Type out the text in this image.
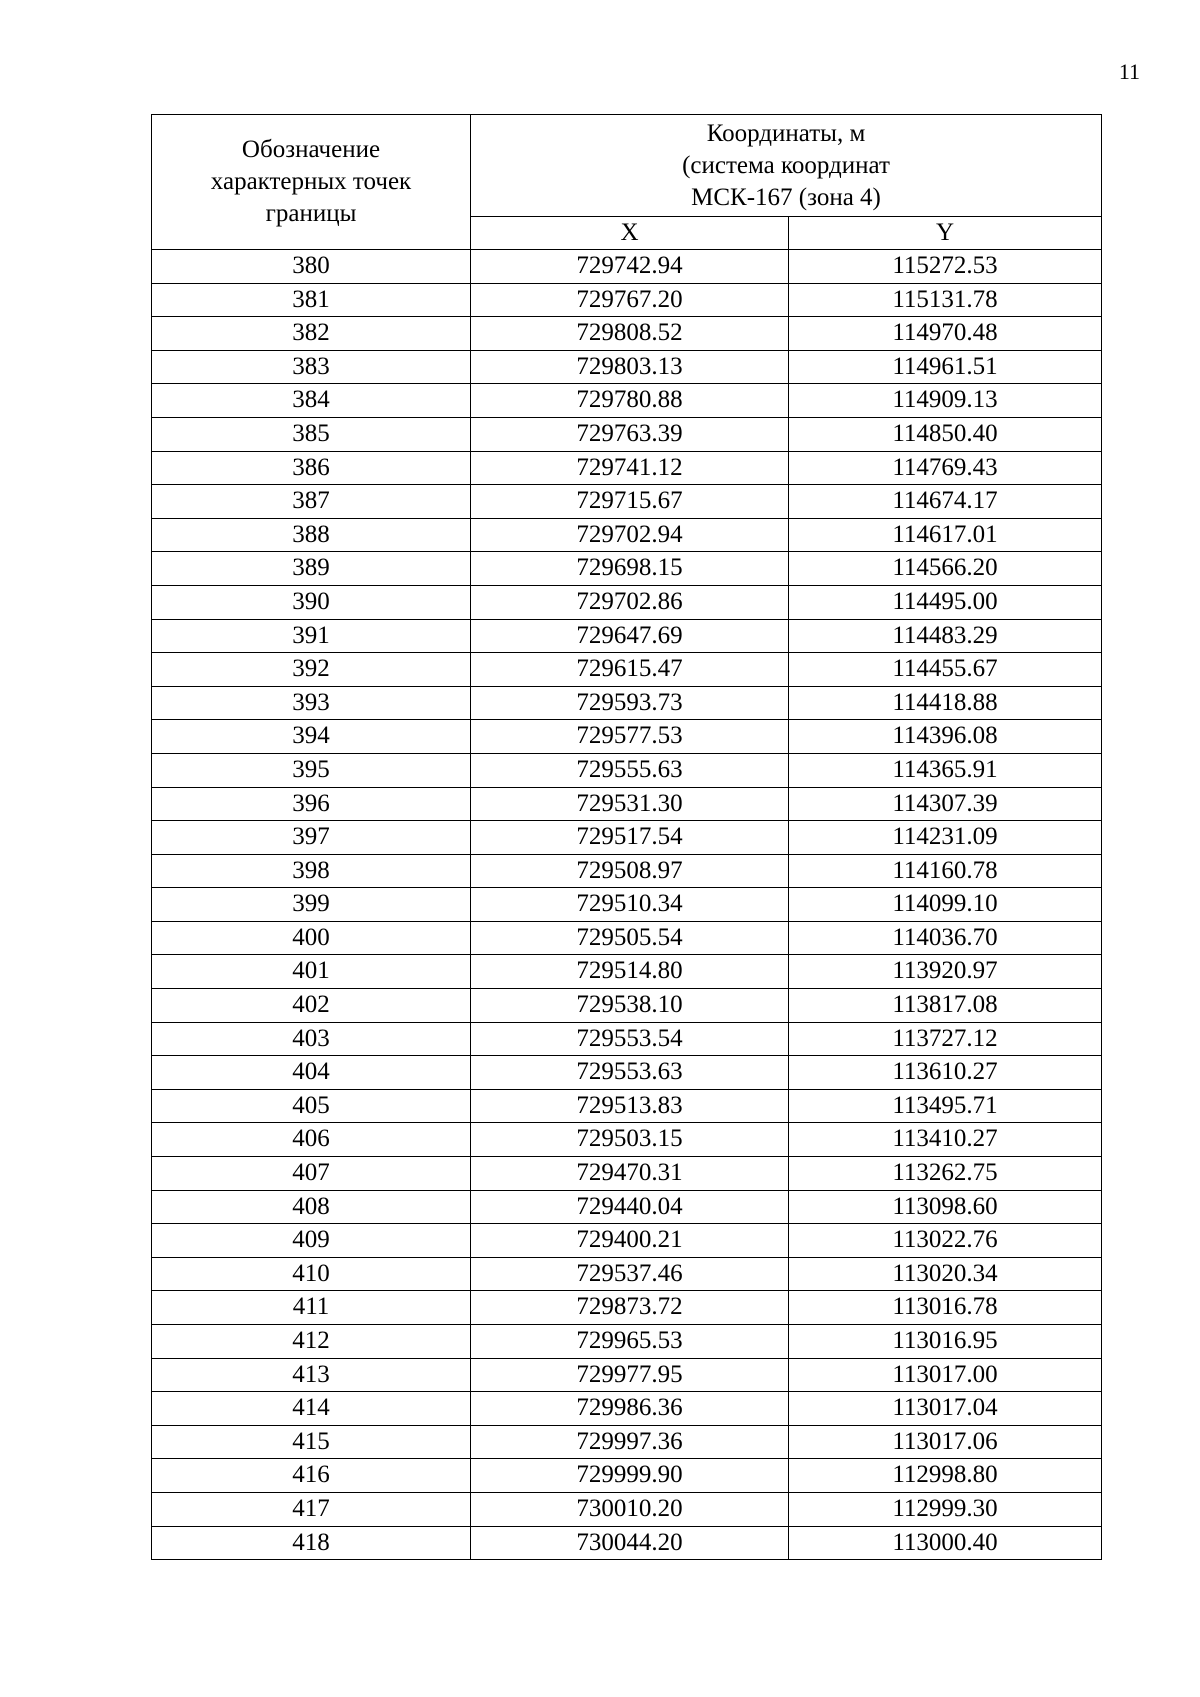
11
Обозначение характерных точек границы	Координаты, м
(система координат
МСК-167 (зона 4)	

	X	Y
380	729742.94	115272.53
381	729767.20	115131.78
382	729808.52	114970.48
383	729803.13	114961.51
384	729780.88	114909.13
385	729763.39	114850.40
386	729741.12	114769.43
387	729715.67	114674.17
388	729702.94	114617.01
389	729698.15	114566.20
390	729702.86	114495.00
391	729647.69	114483.29
392	729615.47	114455.67
393	729593.73	114418.88
394	729577.53	114396.08
395	729555.63	114365.91
396	729531.30	114307.39
397	729517.54	114231.09
398	729508.97	114160.78
399	729510.34	114099.10
400	729505.54	114036.70
401	729514.80	113920.97
402	729538.10	113817.08
403	729553.54	113727.12
404	729553.63	113610.27
405	729513.83	113495.71
406	729503.15	113410.27
407	729470.31	113262.75
408	729440.04	113098.60
409	729400.21	113022.76
410	729537.46	113020.34
411	729873.72	113016.78
412	729965.53	113016.95
413	729977.95	113017.00
414	729986.36	113017.04
415	729997.36	113017.06
416	729999.90	112998.80
417	730010.20	112999.30
418	730044.20	113000.40
